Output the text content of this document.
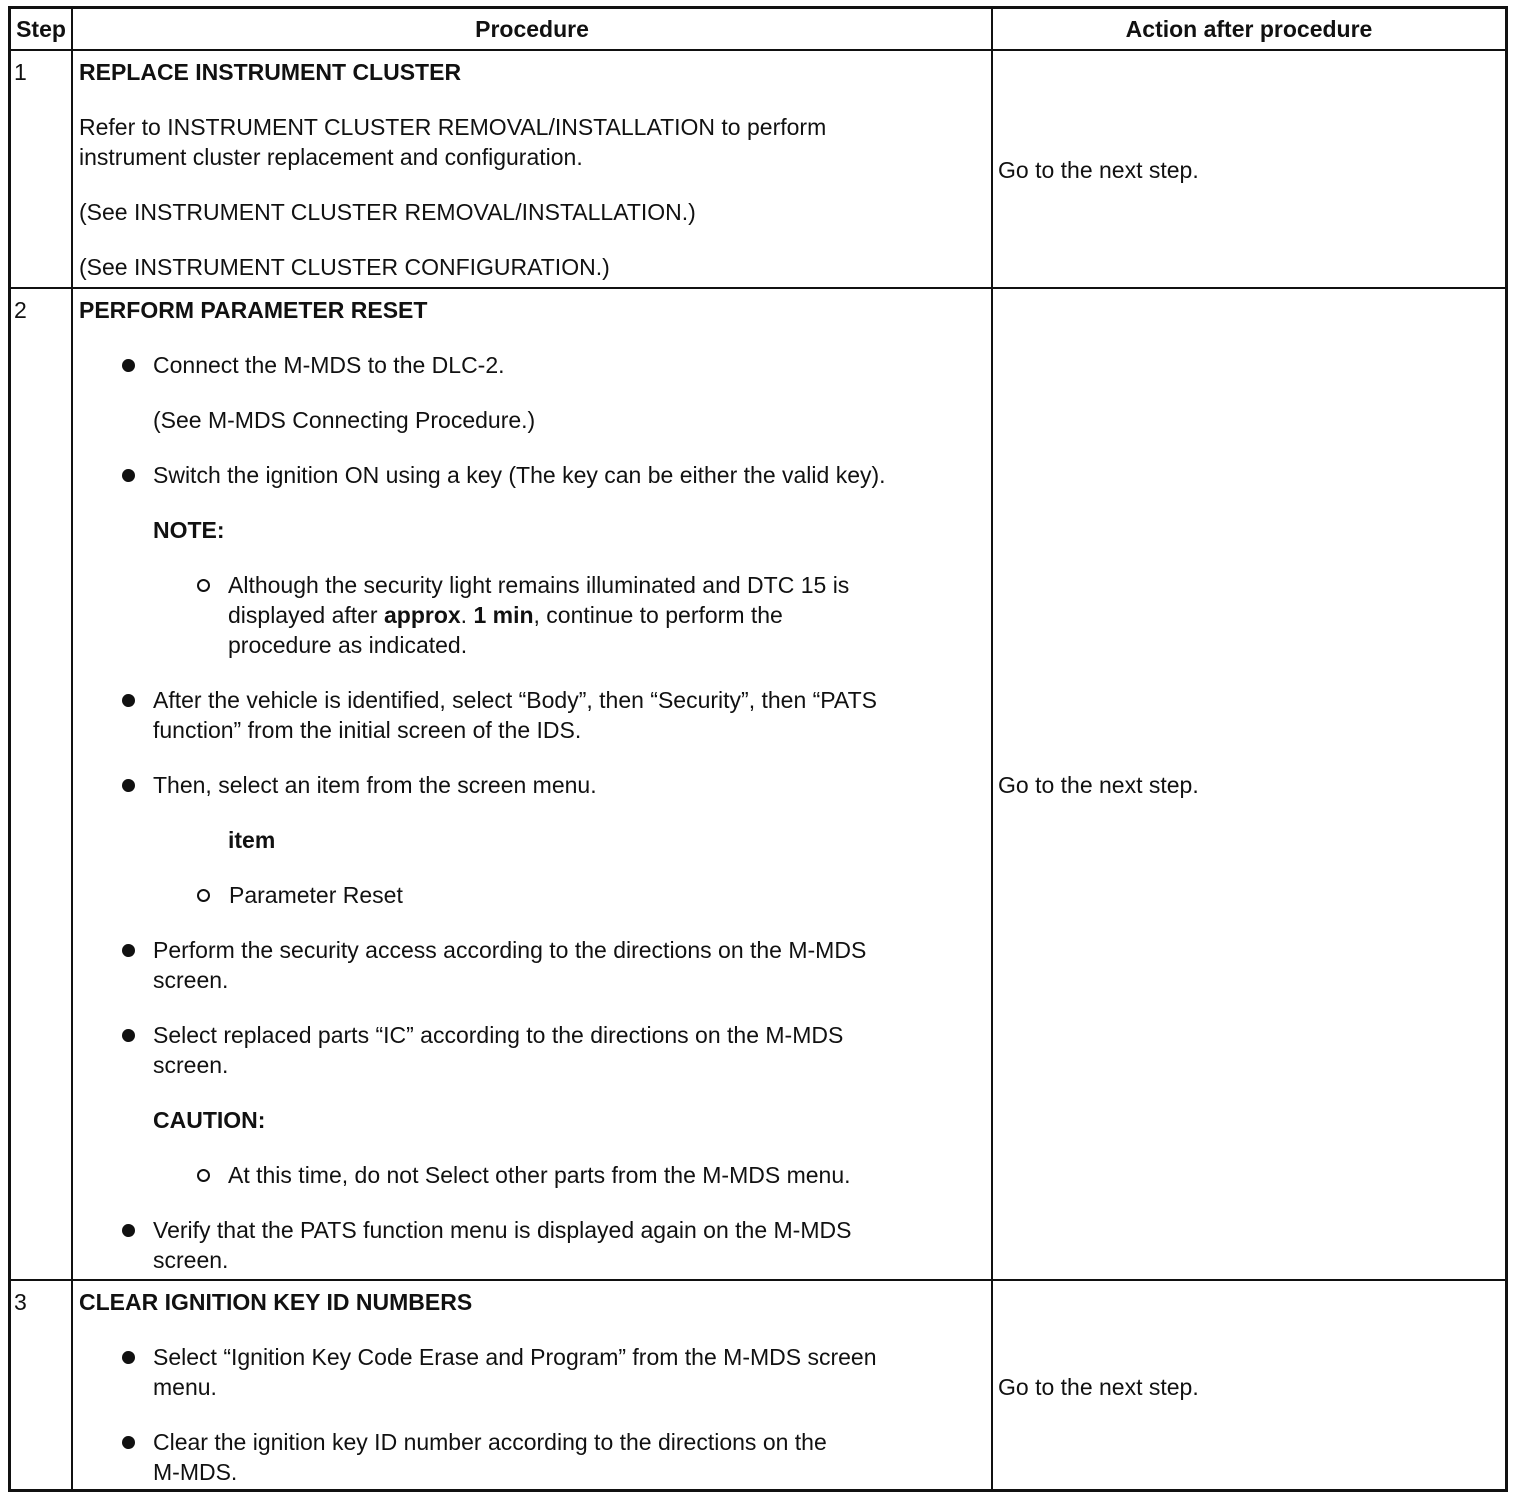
Step	Procedure	Action after procedure
1 REPLACE INSTRUMENT CLUSTER
Refer to INSTRUMENT CLUSTER REMOVAL/INSTALLATION to perform
instrument cluster replacement and configuration.
(See INSTRUMENT CLUSTER REMOVAL/INSTALLATION.)
(See INSTRUMENT CLUSTER CONFIGURATION.)
Go to the next step.
2 PERFORM PARAMETER RESET
Connect the M-MDS to the DLC-2.
(See M-MDS Connecting Procedure.)
Switch the ignition ON using a key (The key can be either the valid key).
NOTE:
Although the security light remains illuminated and DTC 15 is
displayed after approx. 1 min, continue to perform the
procedure as indicated.
After the vehicle is identified, select “Body”, then “Security”, then “PATS
function” from the initial screen of the IDS.
Then, select an item from the screen menu.
item
Parameter Reset
Perform the security access according to the directions on the M-MDS
screen.
Select replaced parts “IC” according to the directions on the M-MDS
screen.
CAUTION:
At this time, do not Select other parts from the M-MDS menu.
Verify that the PATS function menu is displayed again on the M-MDS
screen.
Go to the next step.
3 CLEAR IGNITION KEY ID NUMBERS
Select “Ignition Key Code Erase and Program” from the M-MDS screen
menu.
Clear the ignition key ID number according to the directions on the
M-MDS.
Go to the next step.
